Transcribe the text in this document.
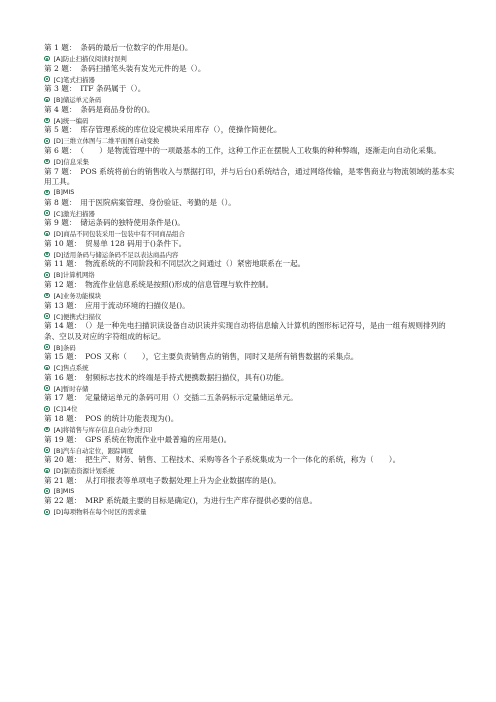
第 1 题：　条码的最后一位数字的作用是()。

[A]防止扫描仪阅读时误判

第 2 题：　条码扫描笔头装有发光元件的是（）。

[C]笔式扫描器

第 3 题：　ITF 条码属于（）。

[B]储运单元条码

第 4 题：　条码是商品身份的()。

[A]统一编码

第 5 题：　库存管理系统的库位设定模块采用库存（），使操作简便化。

[D]三维立体图与二维平面图自动变换

第 6 题：　（　　）是物流管理中的一项最基本的工作，这种工作正在摆脱人工收集的种种弊端，逐渐走向自动化采集。

[D]信息采集

第 7 题：　POS 系统将前台的销售收入与票据打印，并与后台()系统结合，通过网络传输，是零售商业与物流领域的基本实用工具。

[B]MIS

第 8 题：　用于医院病案管理、身份验证、考勤的是（）。

[C]激光扫描器

第 9 题：　储运条码的独特使用条件是()。

[D]商品不同包装采用一包装中有不同商品组合

第 10 题：　贸易单 128 码用于()条件下。

[D]适用条码与储运条码不足以表达商品内容

第 11 题：　物流系统的不同阶段和不同层次之间通过（）紧密地联系在一起。

[B]计算机网络

第 12 题：　物流作业信息系统是按照()形成的信息管理与软件控制。

[A]业务功能模块

第 13 题：　应用于流动环境的扫描仪是()。

[C]便携式扫描仪

第 14 题：　（）是一种先电扫描识读设备自动识读并实现自动将信息输入计算机的图形标记符号，是由一组有规则排列的条、空以及对应的字符组成的标记。

[B]条码

第 15 题：　POS 又称（　　），它主要负责销售点的销售，同时又是所有销售数据的采集点。

[C]售点系统

第 16 题：　射频标志技术的终端是手持式便携数据扫描仪，具有()功能。

[A]暂时存储

第 17 题：　定量储运单元的条码可用（）交插二五条码标示定量储运单元。

[C]14位

第 18 题：　POS 的统计功能表现为()。

[A]将销售与库存信息自动分类打印

第 19 题：　GPS 系统在物流作业中最普遍的应用是()。

[B]汽车自动定位，跟踪调度

第 20 题：　把生产、财务、销售、工程技术、采购等各个子系统集成为一个一体化的系统，称为（　　）。

[D]制造资源计划系统

第 21 题：　从打印报表等单项电子数据处理上升为企业数据库的是()。

[B]MIS

第 22 题：　MRP 系统最主要的目标是确定()，为进行生产库存提供必要的信息。

[D]每项物料在每个时区的需求量
